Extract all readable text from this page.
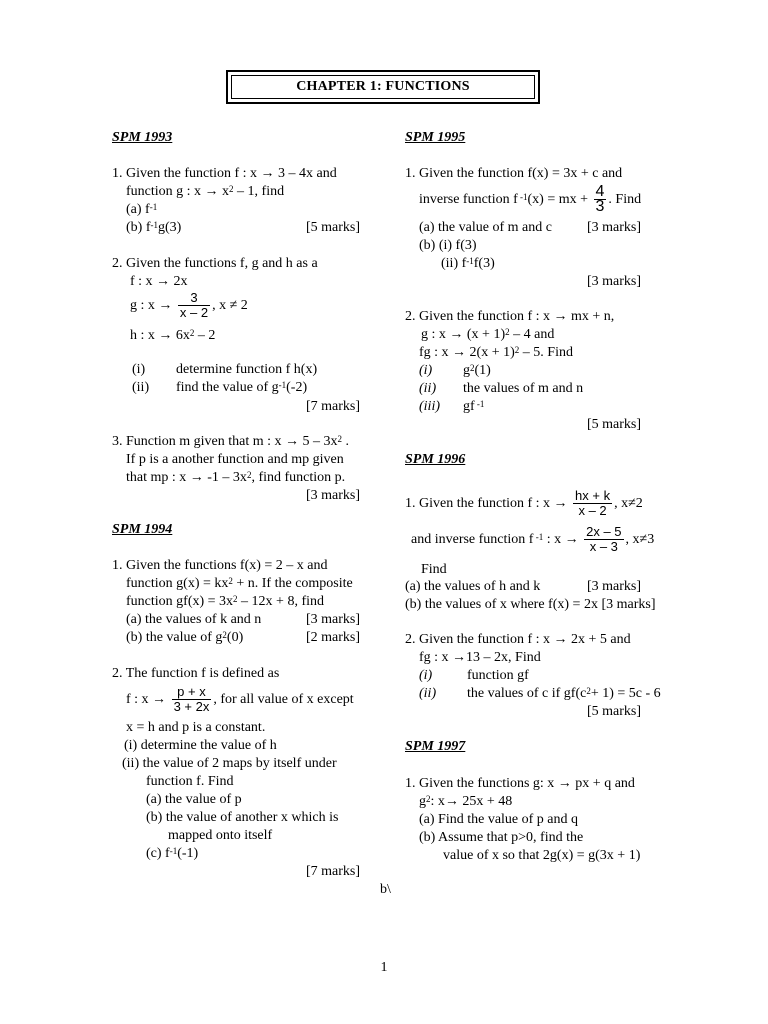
CHAPTER 1: FUNCTIONS
SPM 1993
1. Given the function f : x → 3 – 4x and
function g : $x \to x^2 - 1$, find
(a) $f^{-1}$
(b) $f^{-1}g(3)$	[5 marks]
2. Given the functions f, g and h as a
f : x → 2x
g : $x \to \frac{3}{x - 2}$ , x ≠ 2
h : $x \to 6x^2 - 2$
(i) determine function f h(x)
(ii) find the value of $g^{-1}(-2)$
[7 marks]
3. Function m given that m : $x \to 5 - 3x^2$ .
If p is a another function and mp given
that mp : $x \to -1 - 3x^2$, find function p.
[3 marks]
SPM 1994
1. Given the functions f(x) = 2 – x and
function $g(x) = kx^2 + n$. If the composite
function $gf(x) = 3x^2 - 12x + 8$, find
(a) the values of k and n	[3 marks]
(b) the value of $g^2(0)$	[2 marks]
2. The function f is defined as
f : $x \to \frac{p + x}{3 + 2x}$ , for all value of x except
x = h and p is a constant.
(i) determine the value of h
(ii) the value of 2 maps by itself under
function f. Find
(a) the value of p
(b) the value of another x which is
mapped onto itself
(c) $f^{-1}(-1)$
[7 marks]
SPM 1995
1. Given the function f(x) = 3x + c and
inverse function f $^{-1}$(x) = mx + $\frac{4}{3}$ . Find
(a) the value of m and c	[3 marks]
(b) (i) f(3)
(ii) $f^{-1}f(3)$
[3 marks]
2. Given the function f : x → mx + n,
g : $x \to (x + 1)^2 - 4$ and
fg : $x \to 2(x + 1)^2 - 5$. Find
(i) $g^2(1)$
(ii) the values of m and n
(iii) gf $^{-1}$
[5 marks]
SPM 1996
1. Given the function f : $x \to \frac{hx + k}{x - 2}$ , x≠2
and inverse function f $^{-1}$ : $x \to \frac{2x - 5}{x - 3}$ , x≠3
Find
(a) the values of h and k	[3 marks]
(b) the values of x where f(x) = 2x [3 marks]
2. Given the function f : x → 2x + 5 and
fg : x →13 – 2x, Find
(i) function gf
(ii) the values of c if $gf(c^2+ 1) = 5c - 6$
[5 marks]
SPM 1997
1. Given the functions g: x → px + q and
$g^2$: x→ 25x + 48
(a) Find the value of p and q
(b) Assume that p>0, find the
value of x so that 2g(x) = g(3x + 1)
b\
1
